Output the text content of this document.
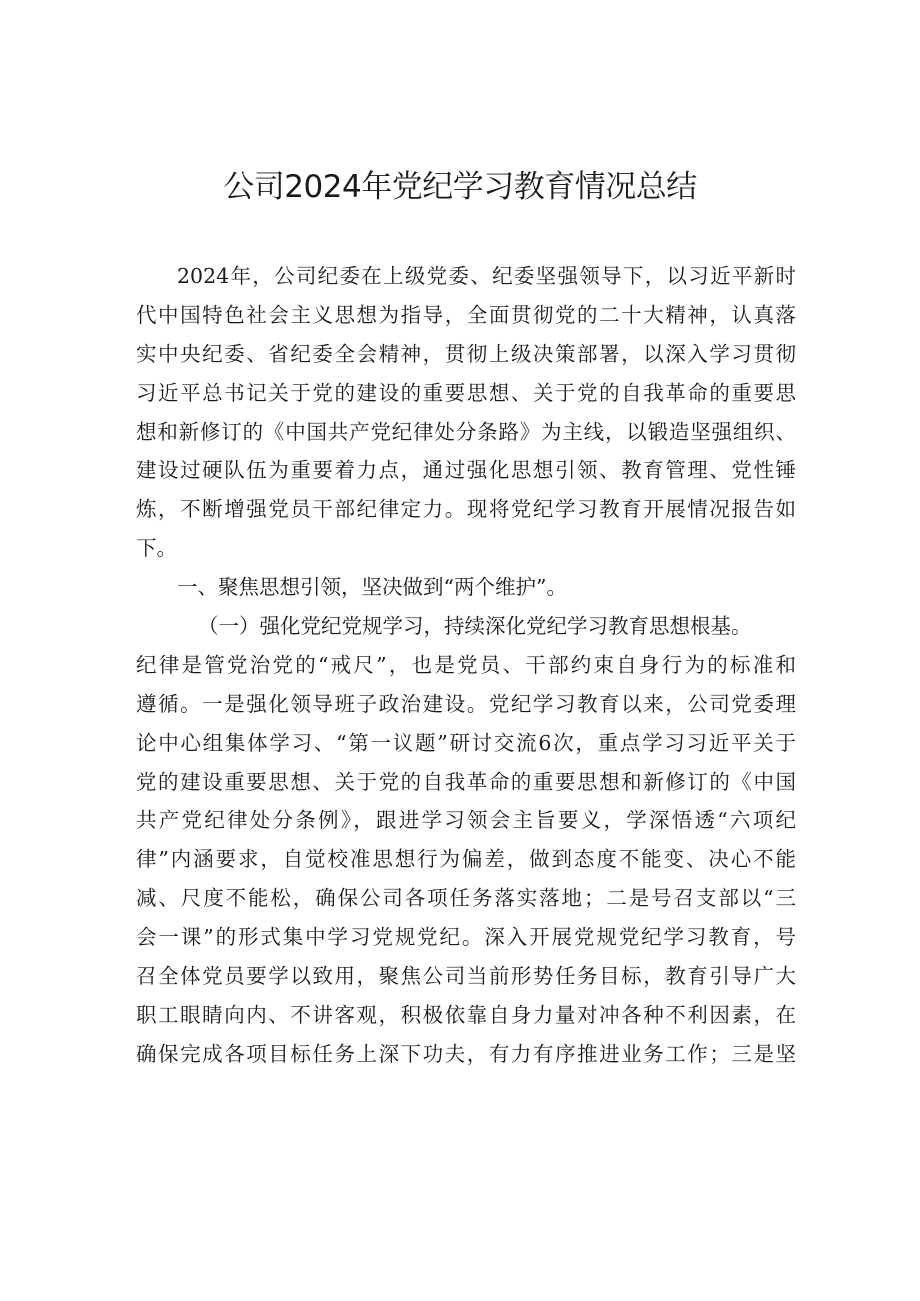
公司2024年党纪学习教育情况总结
2024年，公司纪委在上级党委、纪委坚强领导下，以习近平新时
代中国特色社会主义思想为指导，全面贯彻党的二十大精神，认真落
实中央纪委、省纪委全会精神，贯彻上级决策部署，以深入学习贯彻
习近平总书记关于党的建设的重要思想、关于党的自我革命的重要思
想和新修订的《中国共产党纪律处分条路》为主线，以锻造坚强组织、
建设过硬队伍为重要着力点，通过强化思想引领、教育管理、党性锤
炼，不断增强党员干部纪律定力。现将党纪学习教育开展情况报告如
下。
一、聚焦思想引领，坚决做到“两个维护”。
（一）强化党纪党规学习，持续深化党纪学习教育思想根基。
纪律是管党治党的“戒尺”，也是党员、干部约束自身行为的标准和
遵循。一是强化领导班子政治建设。党纪学习教育以来，公司党委理
论中心组集体学习、“第一议题”研讨交流6次，重点学习习近平关于
党的建设重要思想、关于党的自我革命的重要思想和新修订的《中国
共产党纪律处分条例》，跟进学习领会主旨要义，学深悟透“六项纪
律”内涵要求，自觉校准思想行为偏差，做到态度不能变、决心不能
减、尺度不能松，确保公司各项任务落实落地；二是号召支部以“三
会一课”的形式集中学习党规党纪。深入开展党规党纪学习教育，号
召全体党员要学以致用，聚焦公司当前形势任务目标，教育引导广大
职工眼睛向内、不讲客观，积极依靠自身力量对冲各种不利因素，在
确保完成各项目标任务上深下功夫，有力有序推进业务工作；三是坚
